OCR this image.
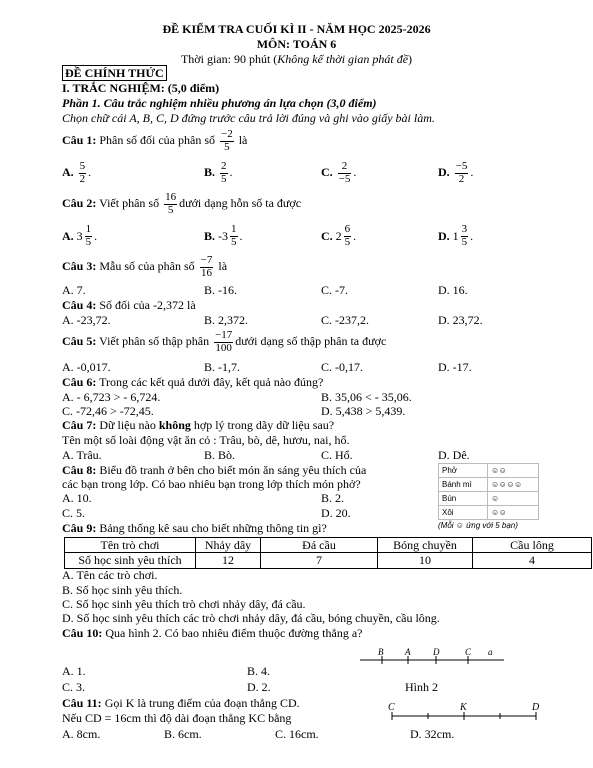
ĐỀ KIỂM TRA CUỐI KÌ II - NĂM HỌC 2025-2026
MÔN: TOÁN 6
Thời gian: 90 phút (Không kể thời gian phát đề)
ĐỀ CHÍNH THỨC
I. TRẮC NGHIỆM: (5,0 điểm)
Phần 1. Câu trắc nghiệm nhiều phương án lựa chọn (3,0 điểm)
Chọn chữ cái A, B, C, D đứng trước câu trả lời đúng và ghi vào giấy bài làm.
Câu 1: Phân số đối của phân số $\frac{-2}{5}$ là
A. $\frac{5}{2}$ .	B. $\frac{2}{5}$ .	C. $\frac{2}{-5}$ .	D. $\frac{-5}{2}$ .
Câu 2: Viết phân số $\frac{16}{5}$ dưới dạng hỗn số ta được
A. $3 \frac{1}{5}$ .	B. $-3 \frac{1}{5}$ .	C. $2 \frac{6}{5}$ .	D. $1 \frac{3}{5}$ .
Câu 3: Mẫu số của phân số $\frac{-7}{16}$ là
A. 7.	B. -16.	C. -7.	D. 16.
Câu 4: Số đối của -2,372 là
A. -23,72.	B. 2,372.	C. -237,2.	D. 23,72.
Câu 5: Viết phân số thập phân $\frac{-17}{100}$ dưới dạng số thập phân ta được
A. -0,017.	B. -1,7.	C. -0,17.	D. -17.
Câu 6: Trong các kết quả dưới đây, kết quả nào đúng?
A. - 6,723 > - 6,724.	B. 35,06 < - 35,06.
C. -72,46 > -72,45.	D. 5,438 > 5,439.
Câu 7: Dữ liệu nào không hợp lý trong dãy dữ liệu sau?
Tên một số loài động vật ăn cỏ : Trâu, bò, dê, hươu, nai, hổ.
A. Trâu.	B. Bò.	C. Hổ.	D. Dê.
Câu 8: Biểu đồ tranh ở bên cho biết món ăn sáng yêu thích của
các bạn trong lớp. Có bao nhiêu bạn trong lớp thích món phở?
A. 10.	B. 2.
C. 5.	D. 20.
Phở	☺☺
Bánh mì	☺☺☺☺
Bún	☺
Xôi	☺☺
(Mỗi ☺ ứng với 5 bạn)
Câu 9: Bảng thống kê sau cho biết những thông tin gì?
Tên trò chơi	Nhảy dây	Đá cầu	Bóng chuyền	Cầu lông
Số học sinh yêu thích	12	7	10	4
A. Tên các trò chơi.
B. Số học sinh yêu thích.
C. Số học sinh yêu thích trò chơi nhảy dây, đá cầu.
D. Số học sinh yêu thích các trò chơi nhảy dây, đá cầu, bóng chuyền, cầu lông.
Câu 10: Qua hình 2. Có bao nhiêu điểm thuộc đường thẳng a?
B A	D	C a
A. 1.	B. 4.
C. 3.	D. 2.	Hình 2
Câu 11: Gọi K là trung điểm của đoạn thẳng CD.
Nếu CD = 16cm thì độ dài đoạn thẳng KC bằng
C	K	D
A. 8cm.	B. 6cm.	C. 16cm.	D. 32cm.
